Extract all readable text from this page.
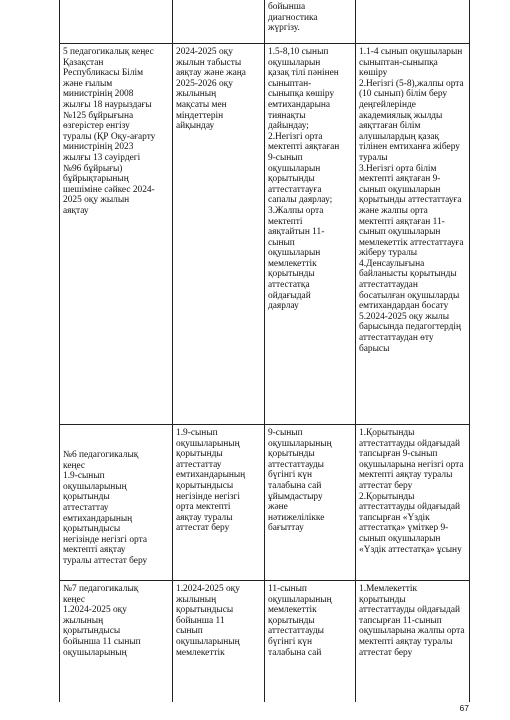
бойынша
диагностика
жүргізу.
5 педагогикалық кеңес
Қазақстан
Республикасы Білім
және ғылым
министрінің 2008
жылғы 18 наурыздағы
№125 бұйрығына
өзгерістер енгізу
туралы (ҚР Оқу-ағарту
министрінің 2023
жылғы 13 сәуірдегі
№96 бұйрығы)
бұйрықтарының
шешіміне сәйкес 2024-
2025 оқу жылын
аяқтау
2024-2025 оқу
жылын табысты
аяқтау және жаңа
2025-2026 оқу
жылының
мақсаты мен
міндеттерін
айқындау
1.5-8,10 сынып
оқушыларын
қазақ тілі пәнінен
сыныптан-
сыныпқа көшіру
емтихандарына
тиянақты
дайындау;
2.Негізгі орта
мектепті аяқтаған
9-сынып
оқушыларын
қорытынды
аттестаттауға
сапалы даярлау;
3.Жалпы орта
мектепті
аяқтайтын 11-
сынып
оқушыларын
мемлекеттік
қорытынды
аттестатқа
oйдағыдай
даярлау
1.1-4 сынып оқушыларын
сыныптан-сыныпқа
көшіру
2.Негізгі (5-8),жалпы орта
(10 сынып) білім беру
деңгейлерінде
академиялық жылды
аяқттаған білім
алушылардың қазақ
тілінен емтиханға жіберу
туралы
3.Негізгі орта білім
мектепті аяқтаған 9-
сынып оқушыларын
қорытынды аттестаттауға
және жалпы орта
мектепті аяқтаған 11-
сынып оқушыларын
мемлекеттік аттестаттауға
жіберу туралы
4.Денсаулығына
байланысты қорытынды
аттестаттаудан
босатылған оқушыларды
емтихандардан босату
5.2024-2025 оқу жылы
барысында педагогтердің
аттестаттаудан өту
барысы
№6 педагогикалық
кеңес
1.9-сынып
оқушыларының
қорытынды
аттестаттау
емтихандарының
қорытындысы
негізінде негізгі орта
мектепті аяқтау
туралы аттестат беру
1.9-сынып
оқушыларының
қорытынды
аттестаттау
емтихандарының
қорытындысы
негізінде негізгі
орта мектепті
аяқтау туралы
аттестат беру
9-сынып
оқушыларының
қорытынды
аттестаттауды
бүгінгі күн
талабына сай
ұйымдастыру
және
нәтижелілікке
бағыттау
1.Қорытынды
аттестаттауды ойдағыдай
тапсырған 9-сынып
оқушыларына негізгі орта
мектепті аяқтау туралы
аттестат беру
2.Қорытынды
аттестаттауды ойдағыдай
тапсырған «Үздік
аттестатқа» үміткер 9-
сынып оқушыларын
«Үздік аттестатқа» ұсыну
№7 педагогикалық
кеңес
1.2024-2025 оқу
жылының
қорытындысы
бойынша 11 сынып
оқушыларының
1.2024-2025 оқу
жылының
қорытындысы
бойынша 11
сынып
оқушыларының
мемлекеттік
11-сынып
оқушыларының
мемлекеттік
қорытынды
аттестаттауды
бүгінгі күн
талабына сай
1.Мемлекеттік
қорытынды
аттестаттауды ойдағыдай
тапсырған 11-сынып
оқушыларына жалпы орта
мектепті аяқтау туралы
аттестат беру
67
